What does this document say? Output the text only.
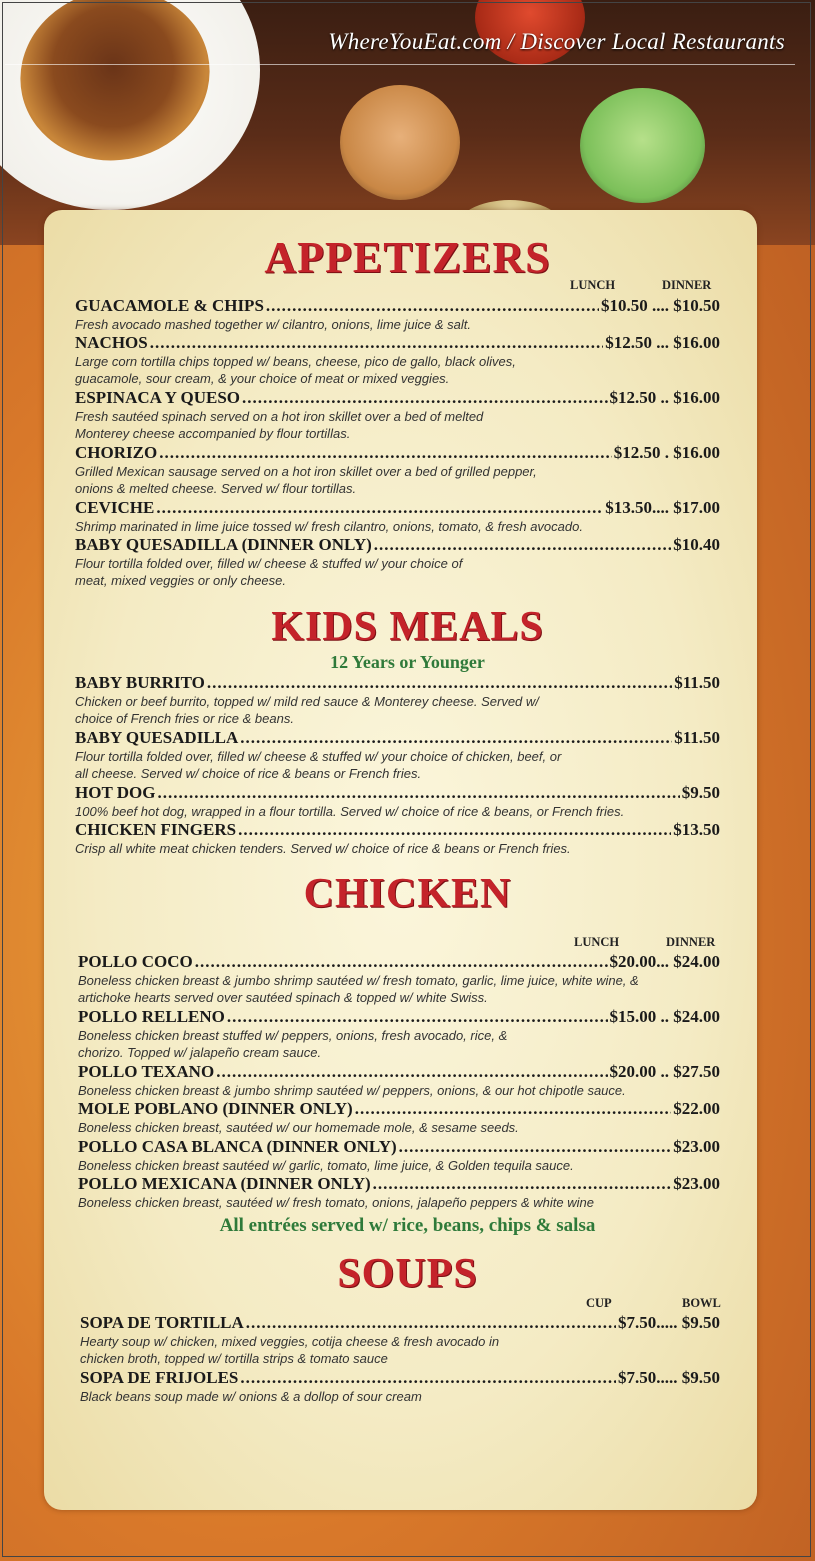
WhereYouEat.com / Discover Local Restaurants
APPETIZERS
LUNCH	DINNER
GUACAMOLE & CHIPS .....	$10.50 .... $10.50
Fresh avocado mashed together w/ cilantro, onions, lime juice & salt.
NACHOS .....	$12.50 ... $16.00
Large corn tortilla chips topped w/ beans, cheese, pico de gallo, black olives, guacamole, sour cream, & your choice of meat or mixed veggies.
ESPINACA Y QUESO .....	$12.50 .. $16.00
Fresh sautéed spinach served on a hot iron skillet over a bed of melted Monterey cheese accompanied by flour tortillas.
CHORIZO .....	$12.50 . $16.00
Grilled Mexican sausage served on a hot iron skillet over a bed of grilled pepper, onions & melted cheese. Served w/ flour tortillas.
CEVICHE .....	$13.50.... $17.00
Shrimp marinated in lime juice tossed w/ fresh cilantro, onions, tomato, & fresh avocado.
BABY QUESADILLA (DINNER ONLY) .....	$10.40
Flour tortilla folded over, filled w/ cheese & stuffed w/ your choice of meat, mixed veggies or only cheese.
KIDS MEALS
12 Years or Younger
BABY BURRITO .....	$11.50
Chicken or beef burrito, topped w/ mild red sauce & Monterey cheese. Served w/ choice of French fries or rice & beans.
BABY QUESADILLA .....	$11.50
Flour tortilla folded over, filled w/ cheese & stuffed w/ your choice of chicken, beef, or all cheese. Served w/ choice of rice & beans or French fries.
HOT DOG .....	$9.50
100% beef hot dog, wrapped in a flour tortilla. Served w/ choice of rice & beans, or French fries.
CHICKEN FINGERS .....	$13.50
Crisp all white meat chicken tenders. Served w/ choice of rice & beans or French fries.
CHICKEN
LUNCH	DINNER
POLLO COCO .....	$20.00... $24.00
Boneless chicken breast & jumbo shrimp sautéed w/ fresh tomato, garlic, lime juice, white wine, & artichoke hearts served over sautéed spinach & topped w/ white Swiss.
POLLO RELLENO .....	$15.00 .. $24.00
Boneless chicken breast stuffed w/ peppers, onions, fresh avocado, rice, & chorizo. Topped w/ jalapeño cream sauce.
POLLO TEXANO .....	$20.00 .. $27.50
Boneless chicken breast & jumbo shrimp sautéed w/ peppers, onions, & our hot chipotle sauce.
MOLE POBLANO (DINNER ONLY) .....	$22.00
Boneless chicken breast, sautéed w/ our homemade mole, & sesame seeds.
POLLO CASA BLANCA (DINNER ONLY) .....	$23.00
Boneless chicken breast sautéed w/ garlic, tomato, lime juice, & Golden tequila sauce.
POLLO MEXICANA (DINNER ONLY) .....	$23.00
Boneless chicken breast, sautéed w/ fresh tomato, onions, jalapeño peppers & white wine
All entrées served w/ rice, beans, chips & salsa
SOUPS
CUP	BOWL
SOPA DE TORTILLA .....	$7.50..... $9.50
Hearty soup w/ chicken, mixed veggies, cotija cheese & fresh avocado in chicken broth, topped w/ tortilla strips & tomato sauce
SOPA DE FRIJOLES .....	$7.50..... $9.50
Black beans soup made w/ onions & a dollop of sour cream
